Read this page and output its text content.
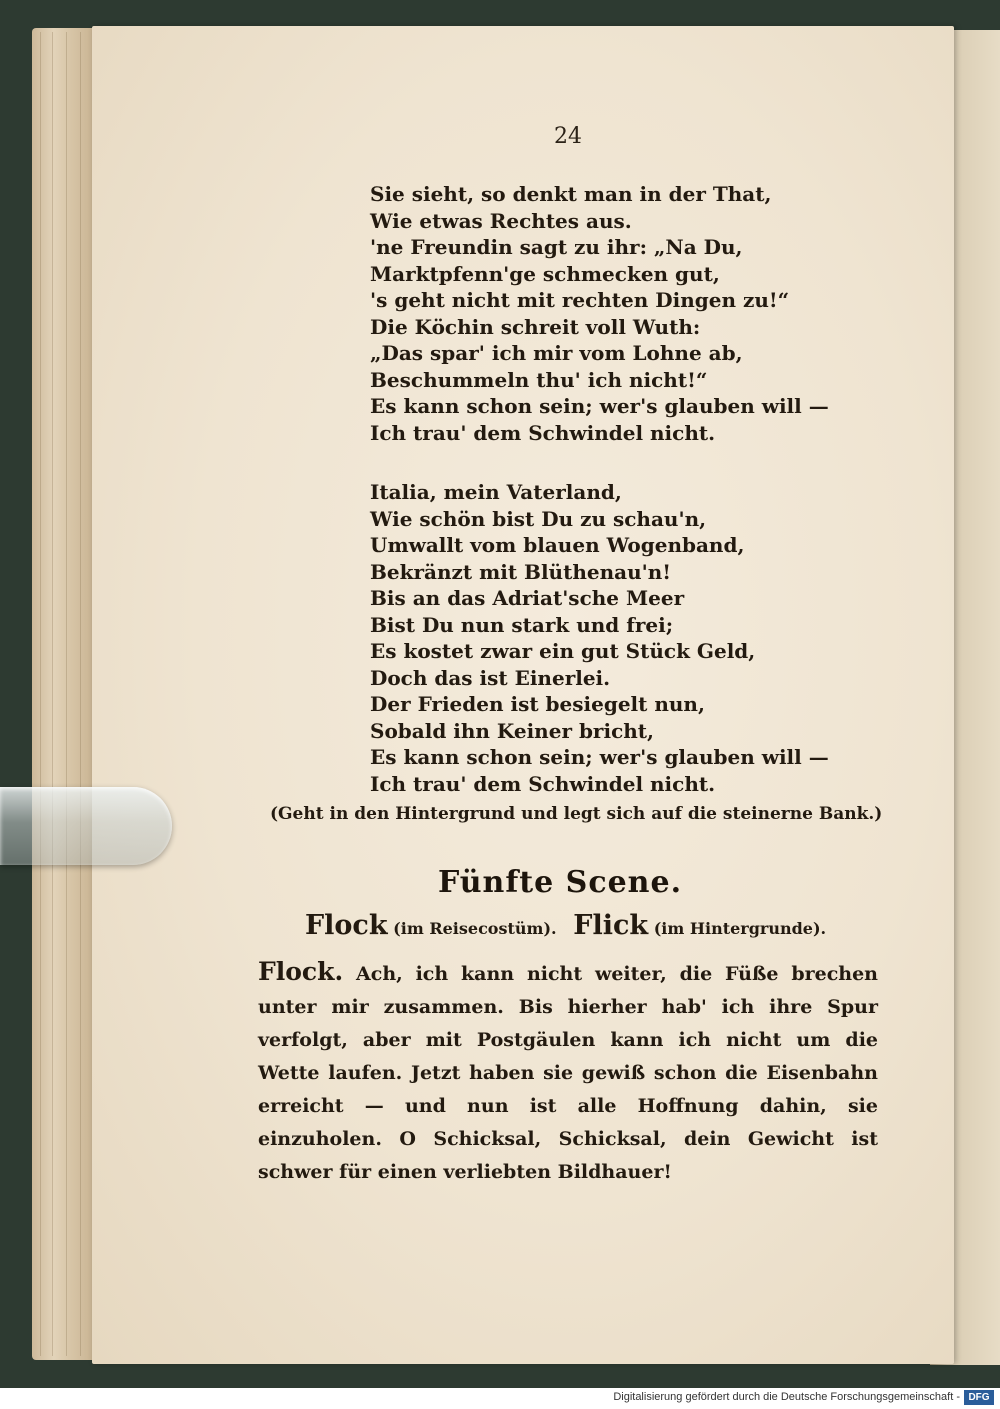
24
Sie sieht, so denkt man in der That,
Wie etwas Rechtes aus.
'ne Freundin sagt zu ihr: „Na Du,
Marktpfenn'ge schmecken gut,
's geht nicht mit rechten Dingen zu!“
Die Köchin schreit voll Wuth:
„Das spar' ich mir vom Lohne ab,
Beschummeln thu' ich nicht!“
Es kann schon sein; wer's glauben will —
Ich trau' dem Schwindel nicht.
Italia, mein Vaterland,
Wie schön bist Du zu schau'n,
Umwallt vom blauen Wogenband,
Bekränzt mit Blüthenau'n!
Bis an das Adriat'sche Meer
Bist Du nun stark und frei;
Es kostet zwar ein gut Stück Geld,
Doch das ist Einerlei.
Der Frieden ist besiegelt nun,
Sobald ihn Keiner bricht,
Es kann schon sein; wer's glauben will —
Ich trau' dem Schwindel nicht.
(Geht in den Hintergrund und legt sich auf die steinerne Bank.)
Fünfte Scene.
Flock (im Reisecostüm). Flick (im Hintergrunde).
Flock. Ach, ich kann nicht weiter, die Füße brechen unter mir zusammen. Bis hierher hab' ich ihre Spur verfolgt, aber mit Postgäulen kann ich nicht um die Wette laufen. Jetzt haben sie gewiß schon die Eisenbahn erreicht — und nun ist alle Hoffnung dahin, sie einzuholen. O Schicksal, Schicksal, dein Gewicht ist schwer für einen verliebten Bildhauer!
Digitalisierung gefördert durch die Deutsche Forschungsgemeinschaft - DFG
